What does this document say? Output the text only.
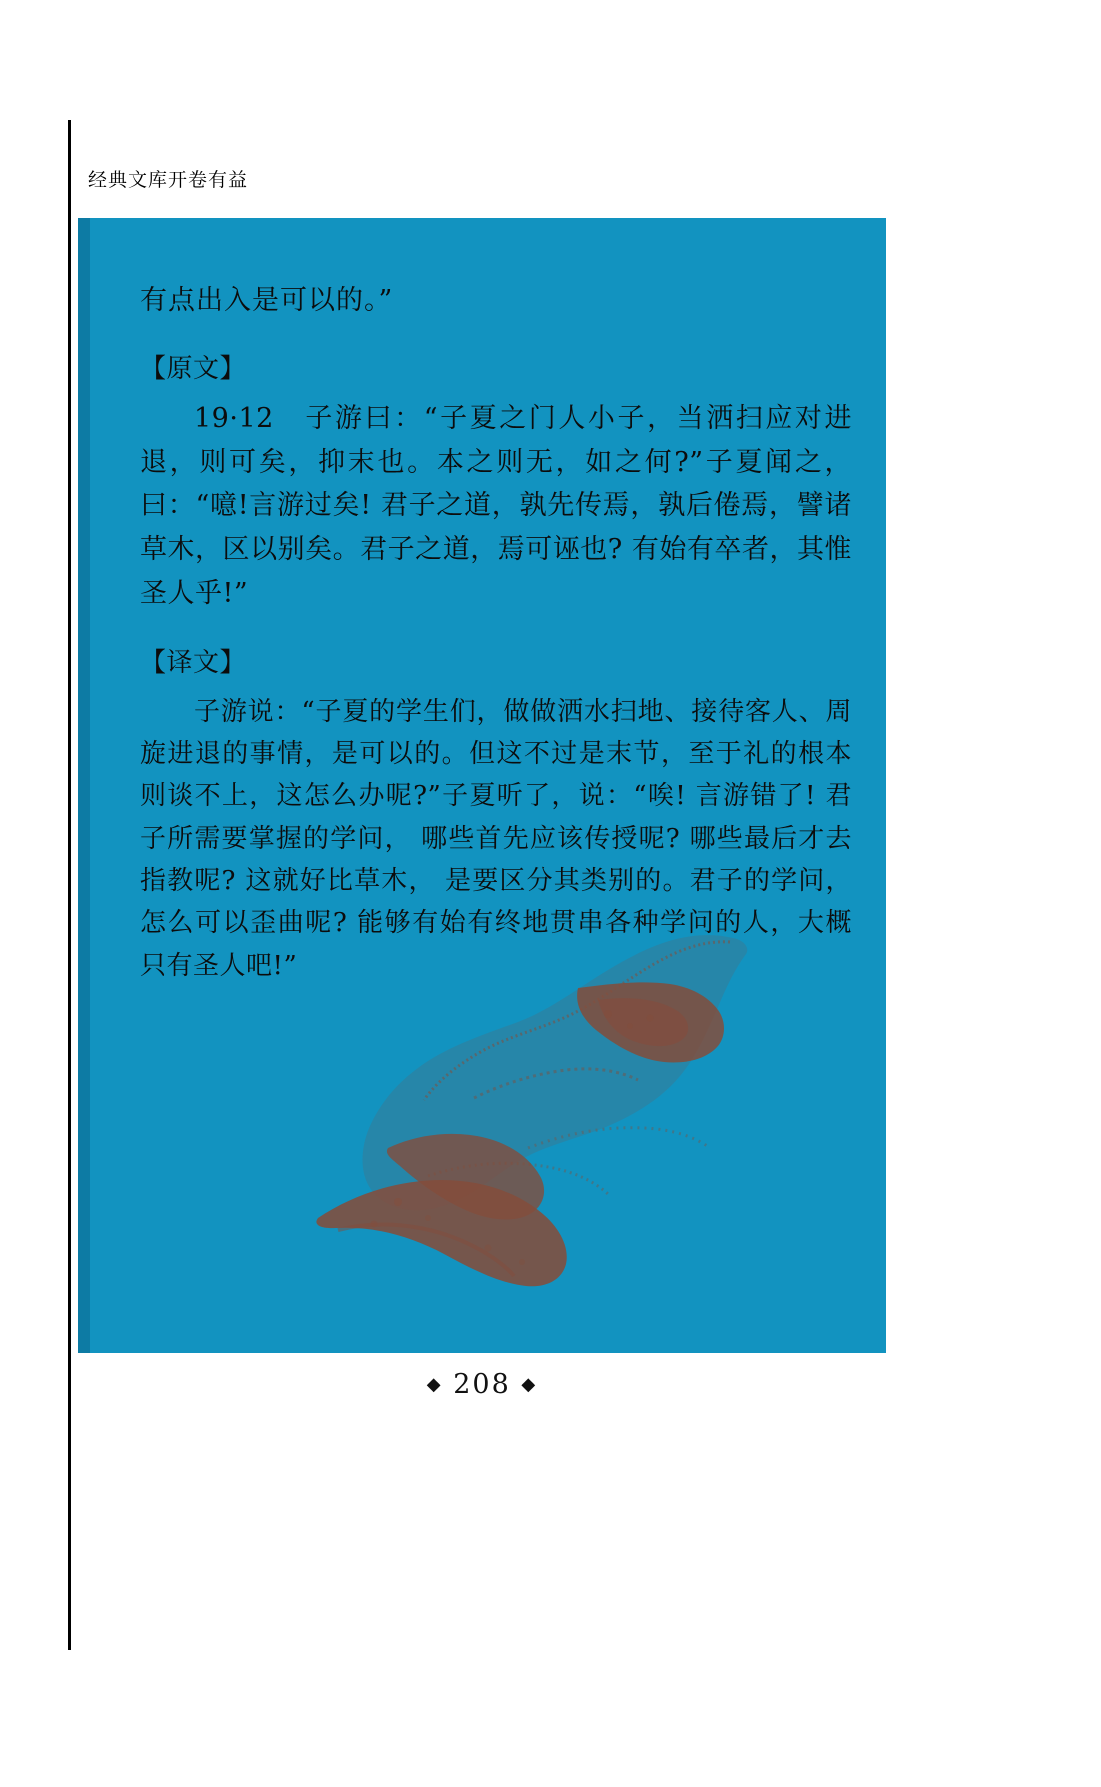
经典文库开卷有益
有点出入是可以的。”
【原文】
19·12　子游曰：“子夏之门人小子，当洒扫应对进退，则可矣，抑末也。本之则无，如之何?”子夏闻之，曰：“噫!言游过矣! 君子之道，孰先传焉，孰后倦焉，譬诸草木，区以别矣。君子之道，焉可诬也? 有始有卒者，其惟圣人乎!”
【译文】
子游说：“子夏的学生们，做做洒水扫地、接待客人、周旋进退的事情，是可以的。但这不过是末节，至于礼的根本则谈不上，这怎么办呢?”子夏听了，说：“唉! 言游错了! 君子所需要掌握的学问， 哪些首先应该传授呢? 哪些最后才去指教呢? 这就好比草木， 是要区分其类别的。君子的学问，怎么可以歪曲呢? 能够有始有终地贯串各种学问的人，大概只有圣人吧!”
◆ 208 ◆
